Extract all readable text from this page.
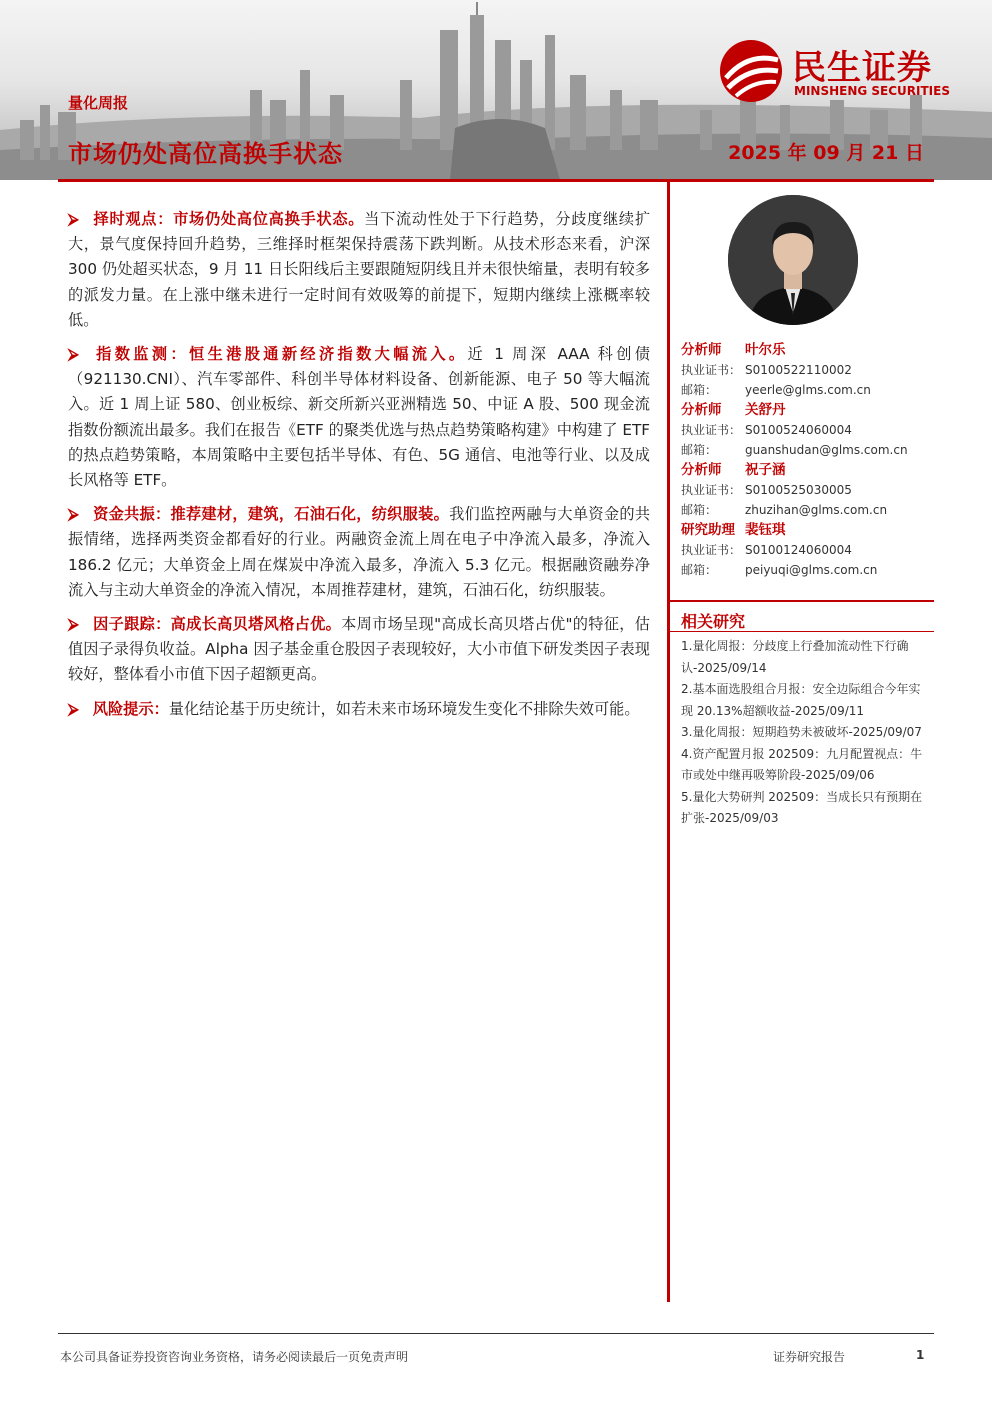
量化周报
市场仍处高位高换手状态	2025 年 09 月 21 日
民生证券
MINSHENG SECURITIES
⮚ 择时观点：市场仍处高位高换手状态。当下流动性处于下行趋势，分歧度继续扩大，景气度保持回升趋势，三维择时框架保持震荡下跌判断。从技术形态来看，沪深 300 仍处超买状态，9 月 11 日长阳线后主要跟随短阴线且并未很快缩量，表明有较多的派发力量。在上涨中继未进行一定时间有效吸筹的前提下，短期内继续上涨概率较低。
⮚ 指数监测：恒生港股通新经济指数大幅流入。近 1 周深 AAA 科创债（921130.CNI）、汽车零部件、科创半导体材料设备、创新能源、电子 50 等大幅流入。近 1 周上证 580、创业板综、新交所新兴亚洲精选 50、中证 A 股、500 现金流指数份额流出最多。我们在报告《ETF 的聚类优选与热点趋势策略构建》中构建了 ETF 的热点趋势策略，本周策略中主要包括半导体、有色、5G 通信、电池等行业、以及成长风格等 ETF。
⮚ 资金共振：推荐建材，建筑，石油石化，纺织服装。我们监控两融与大单资金的共振情绪，选择两类资金都看好的行业。两融资金流上周在电子中净流入最多，净流入 186.2 亿元；大单资金上周在煤炭中净流入最多，净流入 5.3 亿元。根据融资融券净流入与主动大单资金的净流入情况，本周推荐建材，建筑，石油石化，纺织服装。
⮚ 因子跟踪：高成长高贝塔风格占优。本周市场呈现"高成长高贝塔占优"的特征，估值因子录得负收益。Alpha 因子基金重仓股因子表现较好，大小市值下研发类因子表现较好，整体看小市值下因子超额更高。
⮚ 风险提示：量化结论基于历史统计，如若未来市场环境发生变化不排除失效可能。
分析师 叶尔乐
执业证书： S0100522110002
邮箱： yeerle@glms.com.cn
分析师 关舒丹
执业证书： S0100524060004
邮箱： guanshudan@glms.com.cn
分析师 祝子涵
执业证书： S0100525030005
邮箱： zhuzihan@glms.com.cn
研究助理 裴钰琪
执业证书： S0100124060004
邮箱： peiyuqi@glms.com.cn
相关研究
1.量化周报：分歧度上行叠加流动性下行确认-2025/09/14
2.基本面选股组合月报：安全边际组合今年实现 20.13%超额收益-2025/09/11
3.量化周报：短期趋势未被破坏-2025/09/07
4.资产配置月报 202509：九月配置视点：牛市或处中继再吸筹阶段-2025/09/06
5.量化大势研判 202509：当成长只有预期在扩张-2025/09/03
本公司具备证券投资咨询业务资格，请务必阅读最后一页免责声明	证券研究报告	1
